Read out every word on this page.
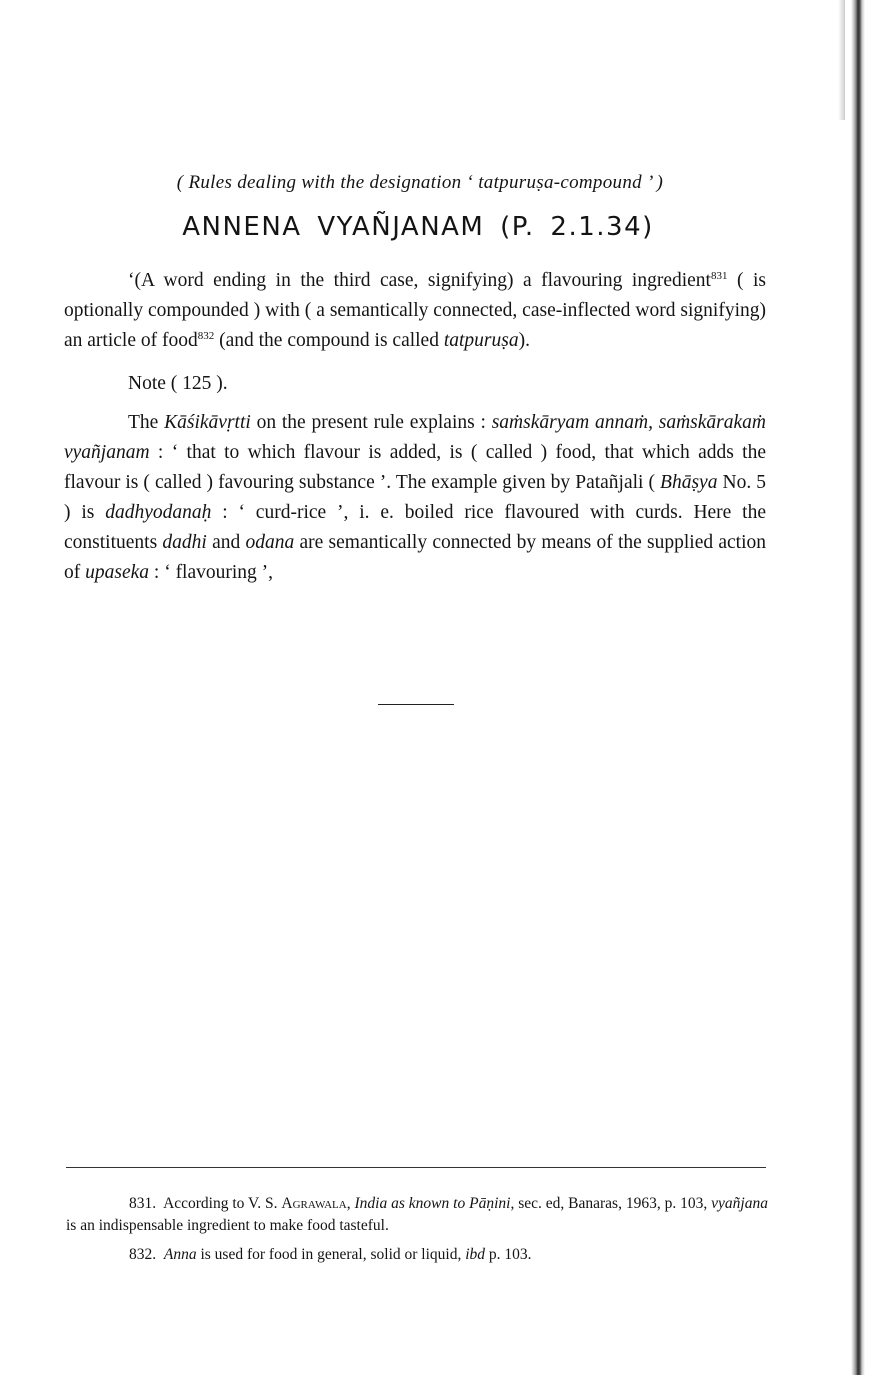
( Rules dealing with the designation ‘ tatpuruṣa-compound ’ )
ANNENA VYAÑJANAM (P. 2.1.34)

‘(A word ending in the third case, signifying) a flavouring ingredient$^{831}$ ( is optionally compounded ) with ( a semantically connected, case-inflected word signifying) an article of food$^{832}$ (and the compound is called tatpuruṣa).

Note ( 125 ).

The Kāśikāvṛtti on the present rule explains : saṁskāryam annaṁ, saṁskārakaṁ vyañjanam : ‘ that to which flavour is added, is ( called ) food, that which adds the flavour is ( called ) favouring substance ’. The example given by Patañjali ( Bhāṣya No. 5 ) is dadhyodanaḥ : ‘ curd-rice ’, i. e. boiled rice flavoured with curds. Here the constituents dadhi and odana are semantically connected by means of the supplied action of upaseka : ‘ flavouring ’,

831. According to V. S. Agrawala, India as known to Pāṇini, sec. ed, Banaras, 1963, p. 103, vyañjana is an indispensable ingredient to make food tasteful.

832. Anna is used for food in general, solid or liquid, ibd p. 103.
